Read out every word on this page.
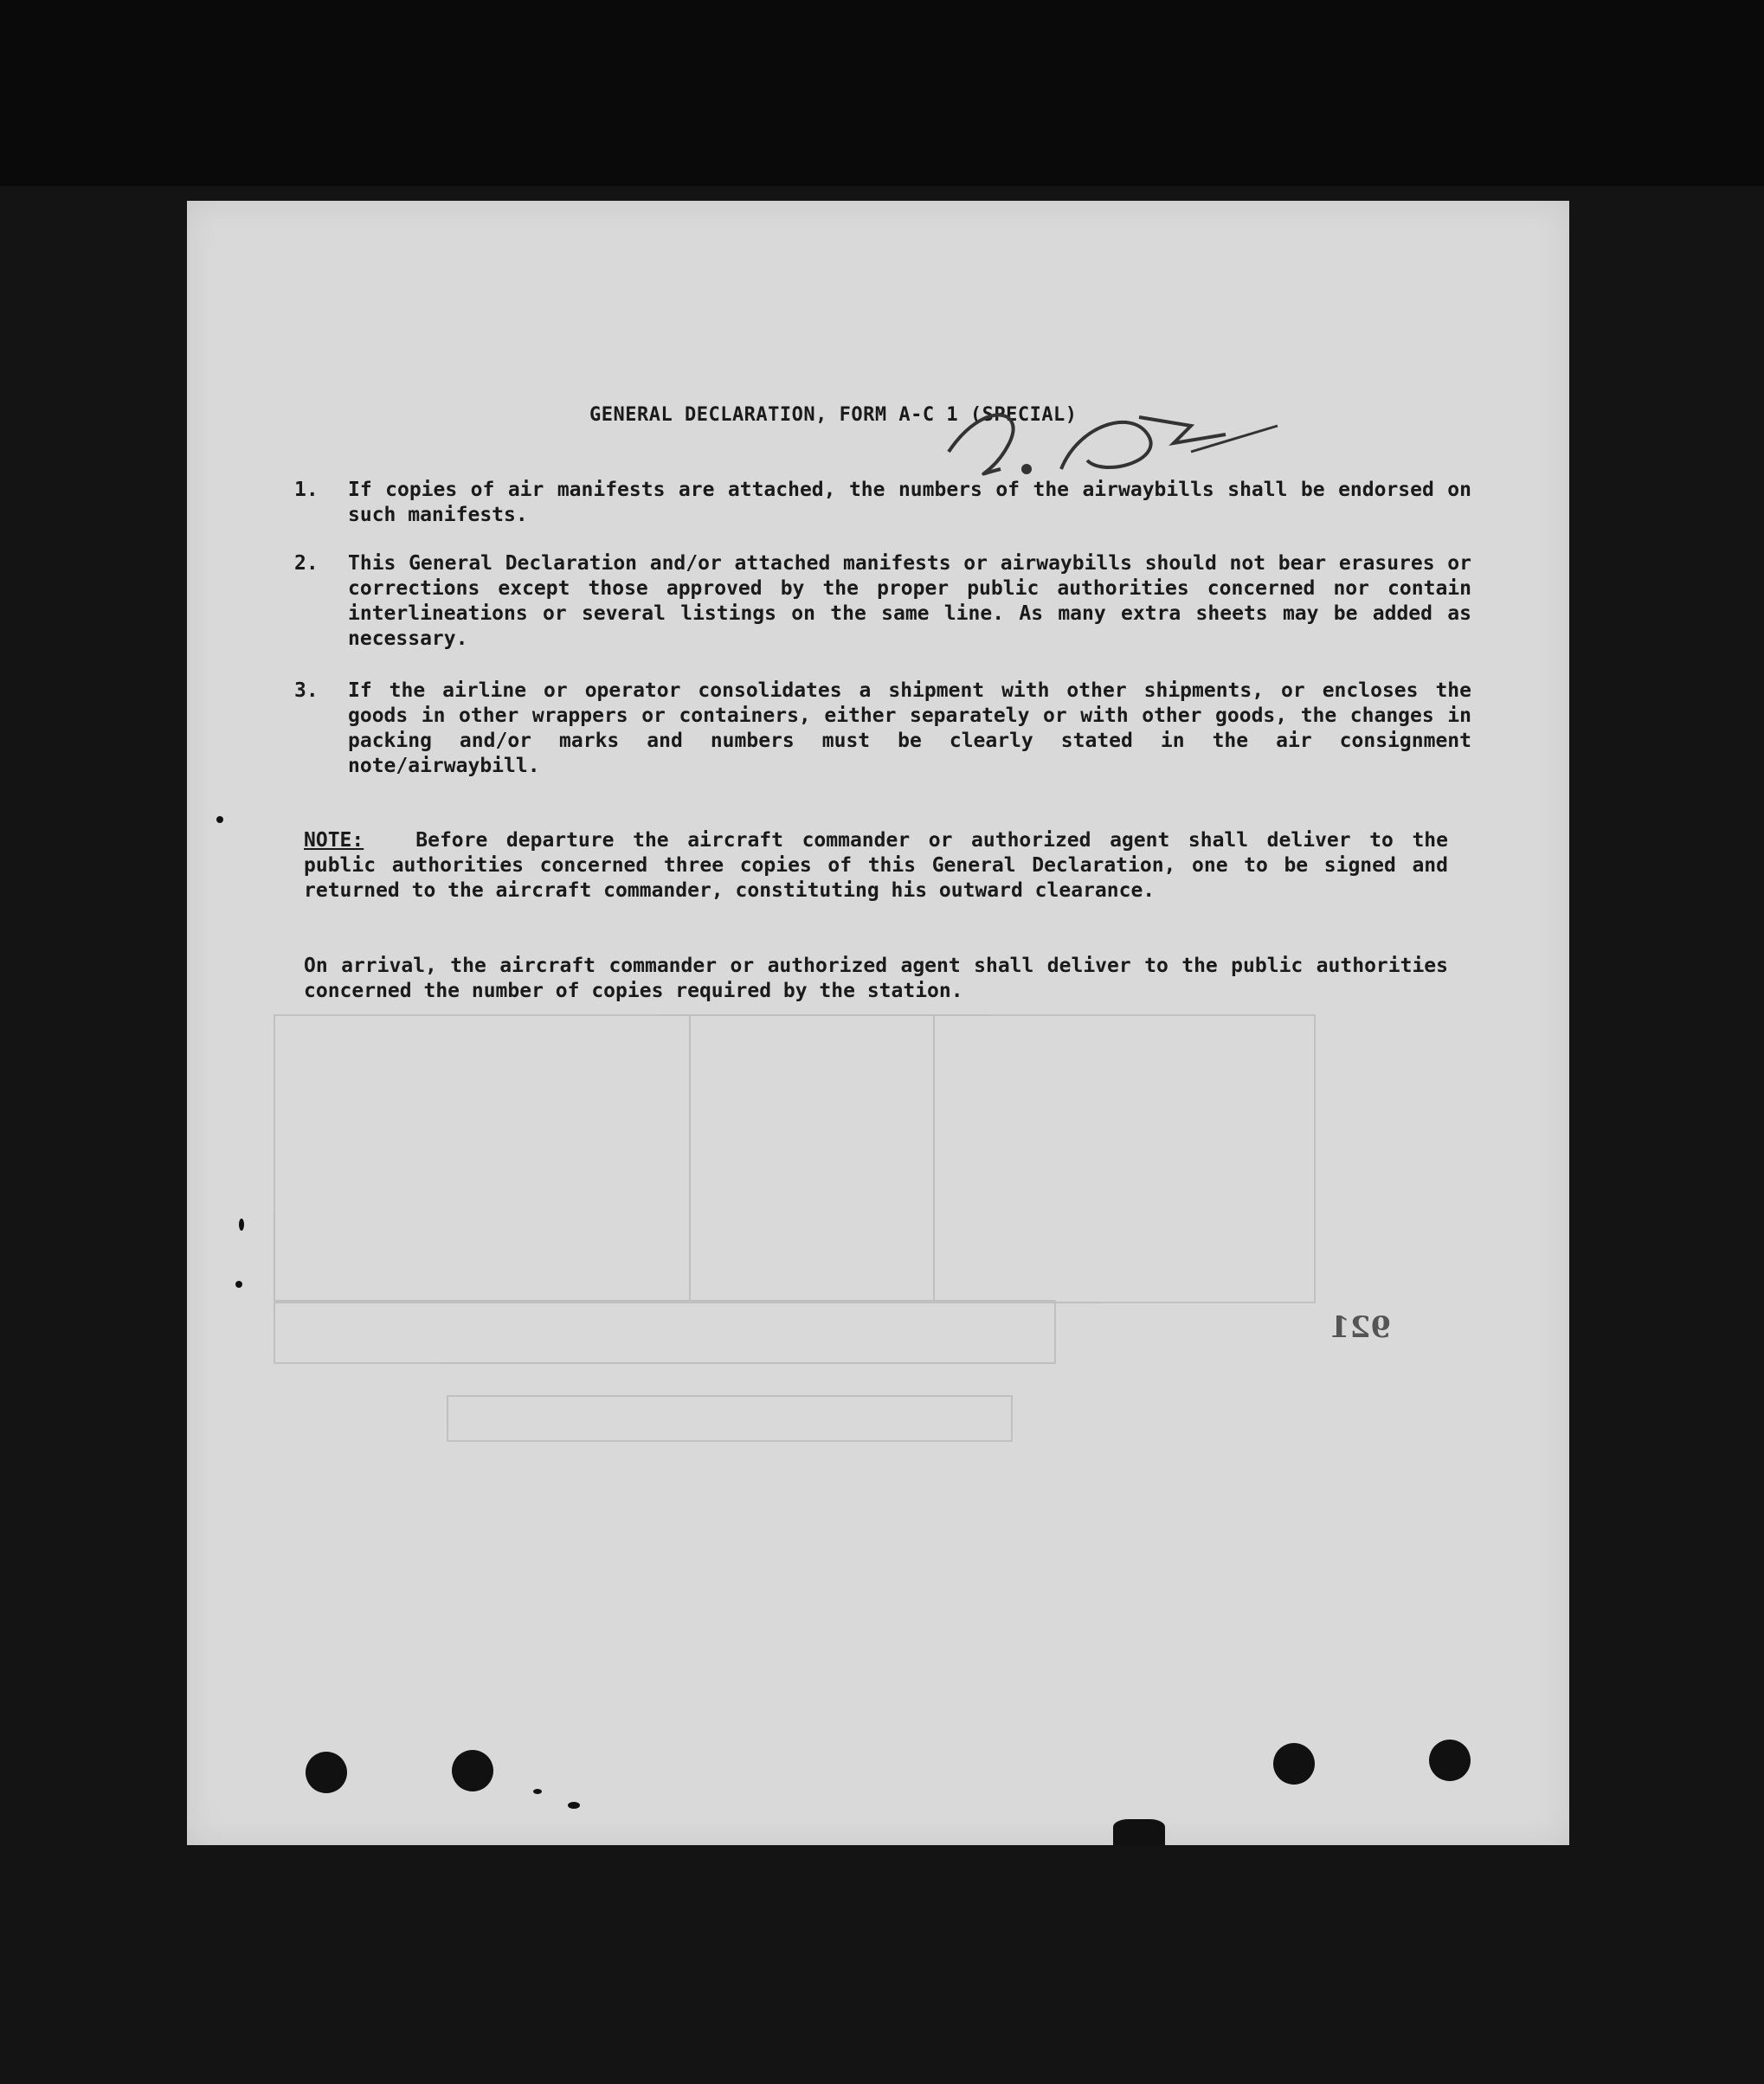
GENERAL DECLARATION, FORM A-C 1 (SPECIAL)
1.	If copies of air manifests are attached, the numbers of the airwaybills shall be endorsed on such manifests.
2.	This General Declaration and/or attached manifests or airwaybills should not bear erasures or corrections except those approved by the proper public authorities concerned nor contain interlineations or several listings on the same line. As many extra sheets may be added as necessary.
3.	If the airline or operator consolidates a shipment with other shipments, or encloses the goods in other wrappers or containers, either separately or with other goods, the changes in packing and/or marks and numbers must be clearly stated in the air consignment note/airwaybill.
NOTE:	Before departure the aircraft commander or authorized agent shall deliver to the public authorities concerned three copies of this General Declaration, one to be signed and returned to the aircraft commander, constituting his outward clearance.
On arrival, the aircraft commander or authorized agent shall deliver to the public authorities concerned the number of copies required by the station.
921
